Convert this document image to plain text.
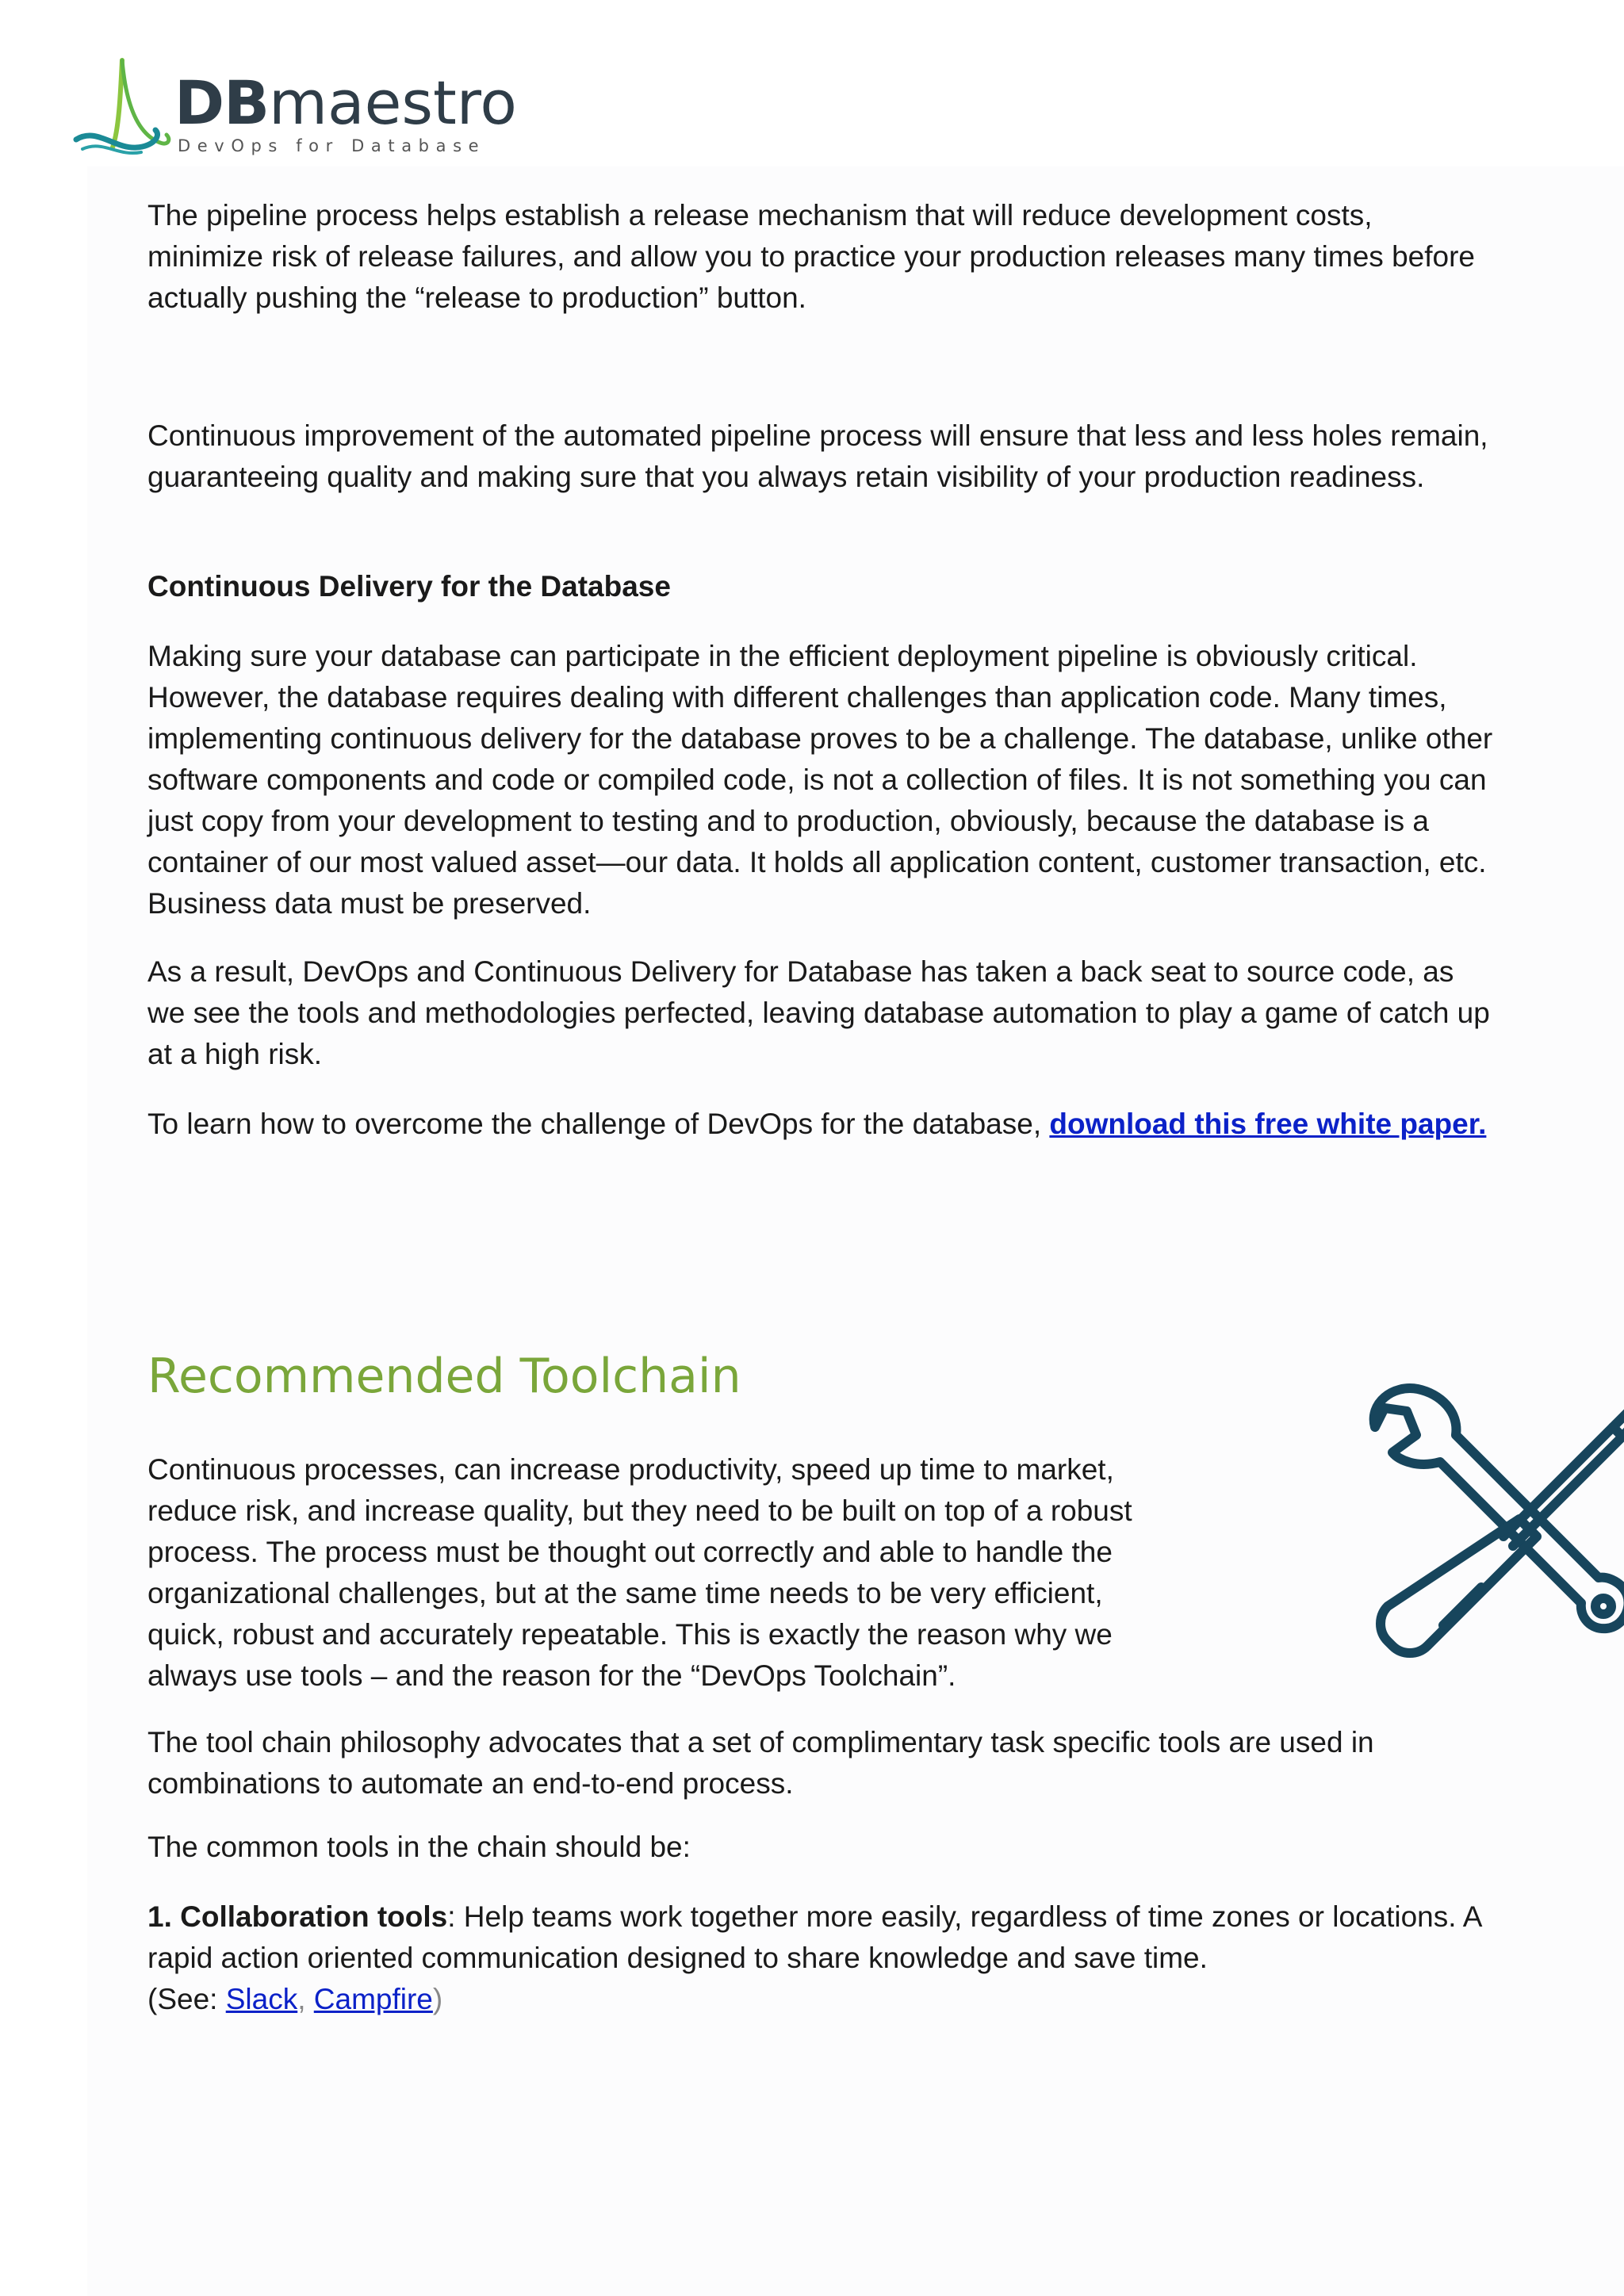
DBmaestro
DevOps for Database

The pipeline process helps establish a release mechanism that will reduce development costs, minimize risk of release failures, and allow you to practice your production releases many times before actually pushing the “release to production” button.

Continuous improvement of the automated pipeline process will ensure that less and less holes remain, guaranteeing quality and making sure that you always retain visibility of your production readiness.

Continuous Delivery for the Database

Making sure your database can participate in the efficient deployment pipeline is obviously critical. However, the database requires dealing with different challenges than application code. Many times, implementing continuous delivery for the database proves to be a challenge. The database, unlike other software components and code or compiled code, is not a collection of files. It is not something you can just copy from your development to testing and to production, obviously, because the database is a container of our most valued asset—our data. It holds all application content, customer transaction, etc. Business data must be preserved.

As a result, DevOps and Continuous Delivery for Database has taken a back seat to source code, as we see the tools and methodologies perfected, leaving database automation to play a game of catch up at a high risk.

To learn how to overcome the challenge of DevOps for the database, download this free white paper.

Recommended Toolchain

Continuous processes, can increase productivity, speed up time to market, reduce risk, and increase quality, but they need to be built on top of a robust process. The process must be thought out correctly and able to handle the organizational challenges, but at the same time needs to be very efficient, quick, robust and accurately repeatable. This is exactly the reason why we always use tools – and the reason for the “DevOps Toolchain”.

The tool chain philosophy advocates that a set of complimentary task specific tools are used in combinations to automate an end-to-end process.

The common tools in the chain should be:

1. Collaboration tools: Help teams work together more easily, regardless of time zones or locations. A rapid action oriented communication designed to share knowledge and save time.
(See: Slack, Campfire)
